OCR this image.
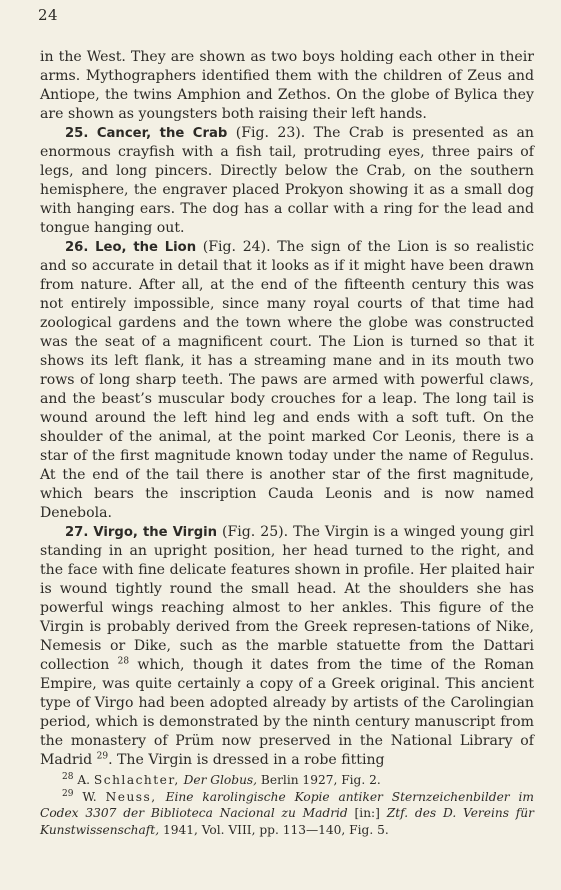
24

in the West. They are shown as two boys holding each other in their arms. Mythographers identified them with the children of Zeus and Antiope, the twins Amphion and Zethos. On the globe of Bylica they are shown as youngsters both raising their left hands.

25. Cancer, the Crab (Fig. 23). The Crab is presented as an enormous crayfish with a fish tail, protruding eyes, three pairs of legs, and long pincers. Directly below the Crab, on the southern hemisphere, the engraver placed Prokyon showing it as a small dog with hanging ears. The dog has a collar with a ring for the lead and tongue hanging out.

26. Leo, the Lion (Fig. 24). The sign of the Lion is so realistic and so accurate in detail that it looks as if it might have been drawn from nature. After all, at the end of the fifteenth century this was not entirely impossible, since many royal courts of that time had zoological gardens and the town where the globe was constructed was the seat of a magnificent court. The Lion is turned so that it shows its left flank, it has a streaming mane and in its mouth two rows of long sharp teeth. The paws are armed with powerful claws, and the beast’s muscular body crouches for a leap. The long tail is wound around the left hind leg and ends with a soft tuft. On the shoulder of the animal, at the point marked Cor Leonis, there is a star of the first magnitude known today under the name of Regulus. At the end of the tail there is another star of the first magnitude, which bears the inscription Cauda Leonis and is now named Denebola.

27. Virgo, the Virgin (Fig. 25). The Virgin is a winged young girl standing in an upright position, her head turned to the right, and the face with fine delicate features shown in profile. Her plaited hair is wound tightly round the small head. At the shoulders she has powerful wings reaching almost to her ankles. This figure of the Virgin is probably derived from the Greek represen-tations of Nike, Nemesis or Dike, such as the marble statuette from the Dattari collection $^{28}$ which, though it dates from the time of the Roman Empire, was quite certainly a copy of a Greek original. This ancient type of Virgo had been adopted already by artists of the Carolingian period, which is demonstrated by the ninth century manuscript from the monastery of Prüm now preserved in the National Library of Madrid $^{29}$. The Virgin is dressed in a robe fitting

$^{28}$ A. Schlachter, Der Globus, Berlin 1927, Fig. 2.

$^{29}$ W. Neuss, Eine karolingische Kopie antiker Sternzeichenbilder im Codex 3307 der Biblioteca Nacional zu Madrid [in:] Ztf. des D. Vereins für Kunstwissenschaft, 1941, Vol. VIII, pp. 113—140, Fig. 5.
